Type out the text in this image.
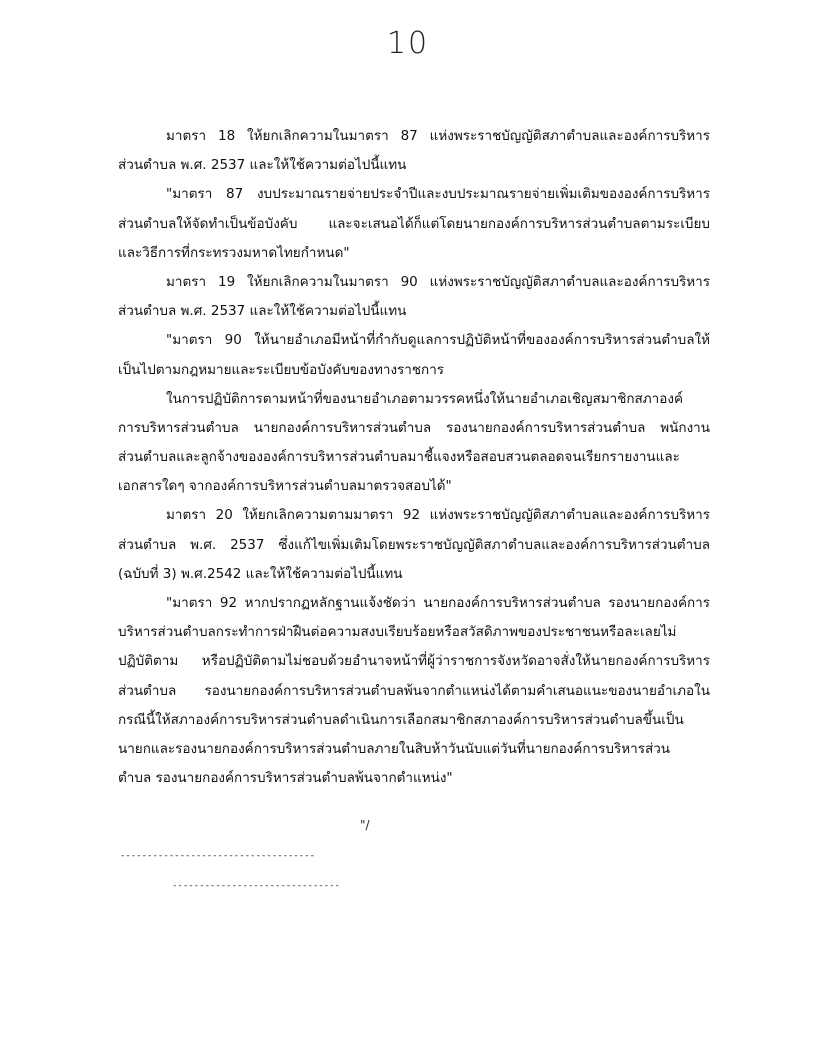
10
มาตรา 18 ให้ยกเลิกความในมาตรา 87 แห่งพระราชบัญญัติสภาตำบลและองค์การบริหาร
ส่วนตำบล พ.ศ. 2537 และให้ใช้ความต่อไปนี้แทน
"มาตรา 87 งบประมาณรายจ่ายประจำปีและงบประมาณรายจ่ายเพิ่มเติมขององค์การบริหาร
ส่วนตำบลให้จัดทำเป็นข้อบังคับ และจะเสนอได้ก็แต่โดยนายกองค์การบริหารส่วนตำบลตามระเบียบ
และวิธีการที่กระทรวงมหาดไทยกำหนด"
มาตรา 19 ให้ยกเลิกความในมาตรา 90 แห่งพระราชบัญญัติสภาตำบลและองค์การบริหาร
ส่วนตำบล พ.ศ. 2537 และให้ใช้ความต่อไปนี้แทน
"มาตรา 90 ให้นายอำเภอมีหน้าที่กำกับดูแลการปฏิบัติหน้าที่ขององค์การบริหารส่วนตำบลให้
เป็นไปตามกฎหมายและระเบียบข้อบังคับของทางราชการ
ในการปฏิบัติการตามหน้าที่ของนายอำเภอตามวรรคหนึ่งให้นายอำเภอเชิญสมาชิกสภาองค์
การบริหารส่วนตำบล นายกองค์การบริหารส่วนตำบล รองนายกองค์การบริหารส่วนตำบล พนักงาน
ส่วนตำบลและลูกจ้างขององค์การบริหารส่วนตำบลมาชี้แจงหรือสอบสวนตลอดจนเรียกรายงานและ
เอกสารใดๆ จากองค์การบริหารส่วนตำบลมาตรวจสอบได้"
มาตรา 20 ให้ยกเลิกความตามมาตรา 92 แห่งพระราชบัญญัติสภาตำบลและองค์การบริหาร
ส่วนตำบล พ.ศ. 2537 ซึ่งแก้ไขเพิ่มเติมโดยพระราชบัญญัติสภาตำบลและองค์การบริหารส่วนตำบล
(ฉบับที่ 3) พ.ศ.2542 และให้ใช้ความต่อไปนี้แทน
"มาตรา 92 หากปรากฏหลักฐานแจ้งชัดว่า นายกองค์การบริหารส่วนตำบล รองนายกองค์การ
บริหารส่วนตำบลกระทำการฝ่าฝืนต่อความสงบเรียบร้อยหรือสวัสดิภาพของประชาชนหรือละเลยไม่
ปฏิบัติตาม หรือปฏิบัติตามไม่ชอบด้วยอำนาจหน้าที่ผู้ว่าราชการจังหวัดอาจสั่งให้นายกองค์การบริหาร
ส่วนตำบล รองนายกองค์การบริหารส่วนตำบลพ้นจากตำแหน่งได้ตามคำเสนอแนะของนายอำเภอใน
กรณีนี้ให้สภาองค์การบริหารส่วนตำบลดำเนินการเลือกสมาชิกสภาองค์การบริหารส่วนตำบลขึ้นเป็น
นายกและรองนายกองค์การบริหารส่วนตำบลภายในสิบห้าวันนับแต่วันที่นายกองค์การบริหารส่วน
ตำบล รองนายกองค์การบริหารส่วนตำบลพ้นจากตำแหน่ง"
"/
------------------------------------
-------------------------------
